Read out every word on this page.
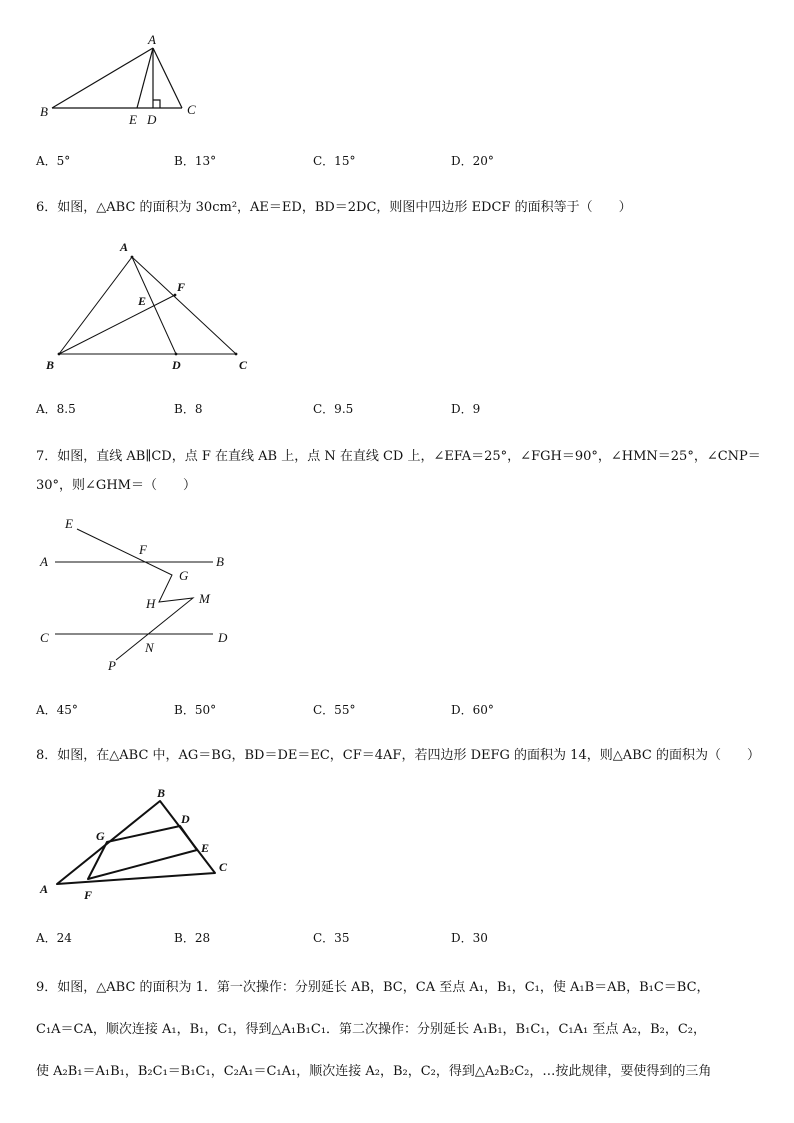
A
B	C
D
E
A．5°	B．13°	C．15°	D．20°
6．如图，△ABC 的面积为 30cm²，AE＝ED，BD＝2DC，则图中四边形 EDCF 的面积等于（　　）
A
B	C
D
E
F
A．8.5	B．8	C．9.5	D．9
7．如图，直线 AB∥CD，点 F 在直线 AB 上，点 N 在直线 CD 上，∠EFA＝25°，∠FGH＝90°，∠HMN＝25°，∠CNP＝
30°，则∠GHM＝（　　）
A	B
C	D
E
F
G
H	M
N
P
A．45°	B．50°	C．55°	D．60°
8．如图，在△ABC 中，AG＝BG，BD＝DE＝EC，CF＝4AF，若四边形 DEFG 的面积为 14，则△ABC 的面积为（　　）
A
B
C
D
E
F
G
A．24	B．28	C．35	D．30
9．如图，△ABC 的面积为 1．第一次操作：分别延长 AB，BC，CA 至点 A₁，B₁，C₁，使 A₁B＝AB，B₁C＝BC，
C₁A＝CA，顺次连接 A₁，B₁，C₁，得到△A₁B₁C₁．第二次操作：分别延长 A₁B₁，B₁C₁，C₁A₁ 至点 A₂，B₂，C₂，
使 A₂B₁＝A₁B₁，B₂C₁＝B₁C₁，C₂A₁＝C₁A₁，顺次连接 A₂，B₂，C₂，得到△A₂B₂C₂，…按此规律，要使得到的三角
